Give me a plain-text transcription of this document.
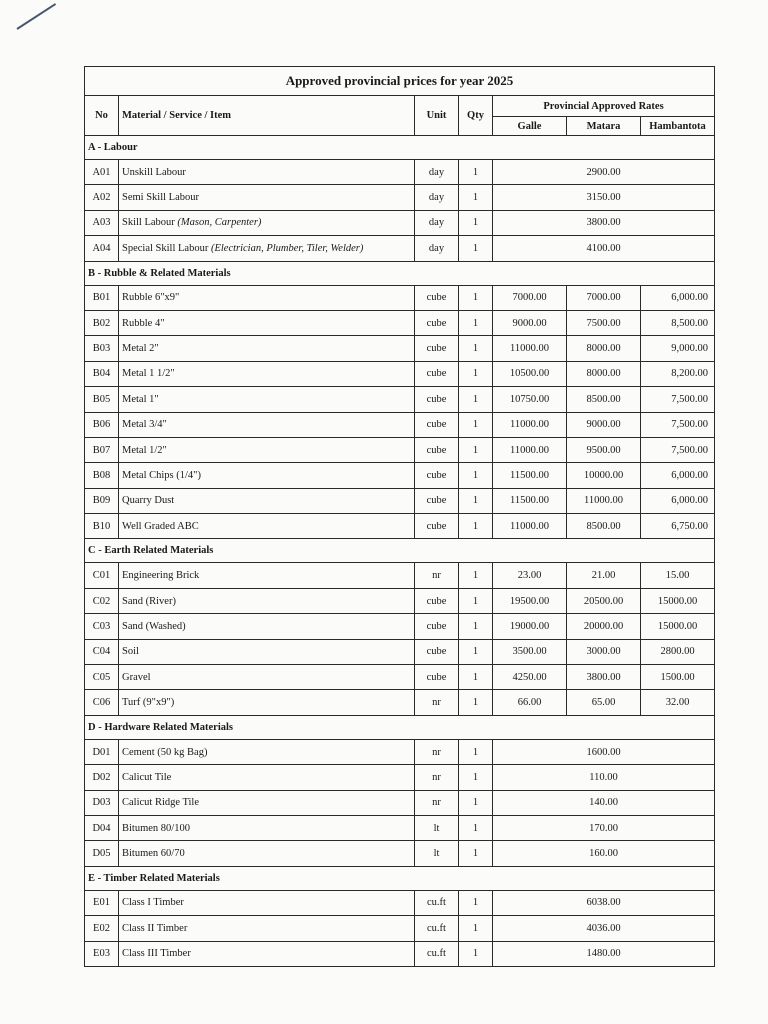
Approved provincial prices for year 2025						
No	Material / Service / Item	Unit	Qty	Provincial Approved Rates		
				Galle	Matara	Hambantota
A - Labour						
A01	Unskill Labour	day	1	2900.00		
A02	Semi Skill Labour	day	1	3150.00		
A03	Skill Labour (Mason, Carpenter)	day	1	3800.00		
A04	Special Skill Labour (Electrician, Plumber, Tiler, Welder)	day	1	4100.00		
B - Rubble & Related Materials						
B01	Rubble 6"x9"	cube	1	7000.00	7000.00	6,000.00
B02	Rubble 4"	cube	1	9000.00	7500.00	8,500.00
B03	Metal 2"	cube	1	11000.00	8000.00	9,000.00
B04	Metal 1 1/2"	cube	1	10500.00	8000.00	8,200.00
B05	Metal 1"	cube	1	10750.00	8500.00	7,500.00
B06	Metal 3/4"	cube	1	11000.00	9000.00	7,500.00
B07	Metal 1/2"	cube	1	11000.00	9500.00	7,500.00
B08	Metal Chips (1/4")	cube	1	11500.00	10000.00	6,000.00
B09	Quarry Dust	cube	1	11500.00	11000.00	6,000.00
B10	Well Graded ABC	cube	1	11000.00	8500.00	6,750.00
C - Earth Related Materials						
C01	Engineering Brick	nr	1	23.00	21.00	15.00
C02	Sand (River)	cube	1	19500.00	20500.00	15000.00
C03	Sand (Washed)	cube	1	19000.00	20000.00	15000.00
C04	Soil	cube	1	3500.00	3000.00	2800.00
C05	Gravel	cube	1	4250.00	3800.00	1500.00
C06	Turf (9"x9")	nr	1	66.00	65.00	32.00
D - Hardware Related Materials						
D01	Cement (50 kg Bag)	nr	1	1600.00		
D02	Calicut Tile	nr	1	110.00		
D03	Calicut Ridge Tile	nr	1	140.00		
D04	Bitumen 80/100	lt	1	170.00		
D05	Bitumen 60/70	lt	1	160.00		
E - Timber Related Materials						
E01	Class I Timber	cu.ft	1	6038.00		
E02	Class II Timber	cu.ft	1	4036.00		
E03	Class III Timber	cu.ft	1	1480.00		
